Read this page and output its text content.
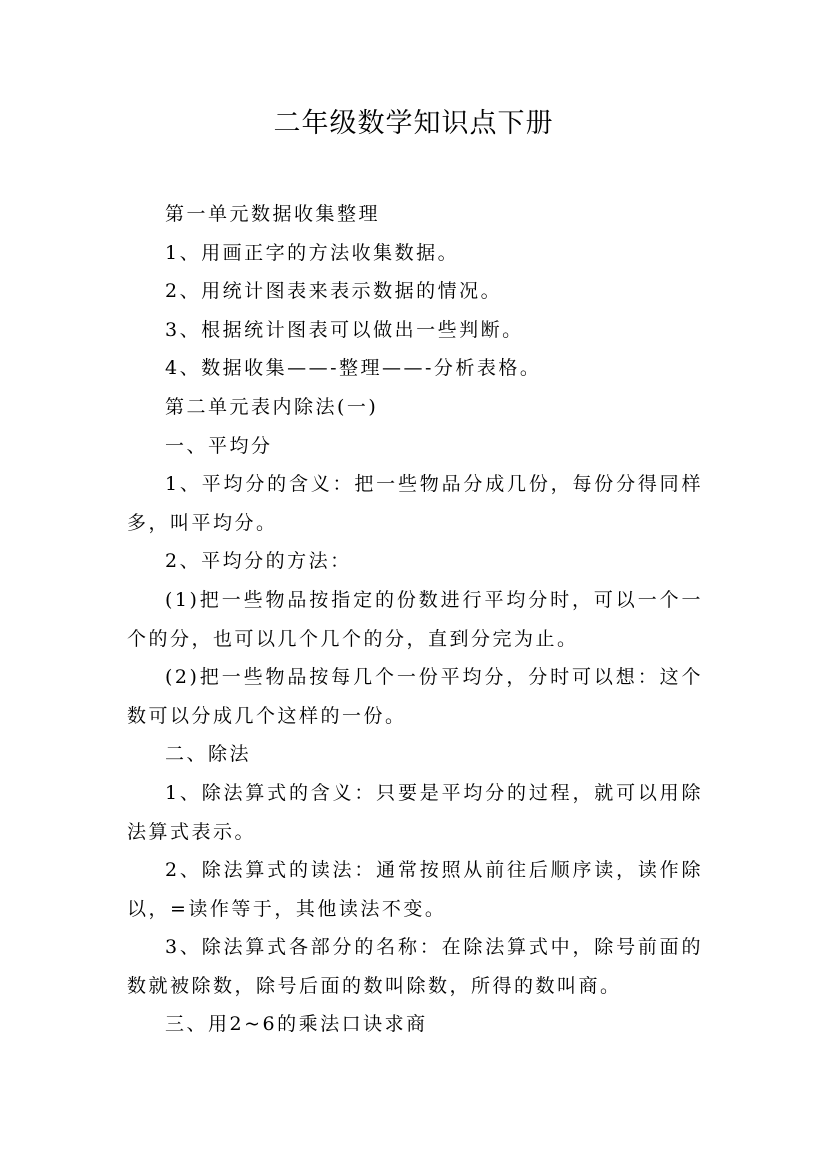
二年级数学知识点下册

第一单元数据收集整理

1、用画正字的方法收集数据。

2、用统计图表来表示数据的情况。

3、根据统计图表可以做出一些判断。

4、数据收集——-整理——-分析表格。

第二单元表内除法(一)

一、平均分

1、平均分的含义：把一些物品分成几份，每份分得同样多，叫平均分。

2、平均分的方法：

(1)把一些物品按指定的份数进行平均分时，可以一个一个的分，也可以几个几个的分，直到分完为止。

(2)把一些物品按每几个一份平均分，分时可以想：这个数可以分成几个这样的一份。

二、除法

1、除法算式的含义：只要是平均分的过程，就可以用除法算式表示。

2、除法算式的读法：通常按照从前往后顺序读，读作除以，=读作等于，其他读法不变。

3、除法算式各部分的名称：在除法算式中，除号前面的数就被除数，除号后面的数叫除数，所得的数叫商。

三、用2~6的乘法口诀求商
